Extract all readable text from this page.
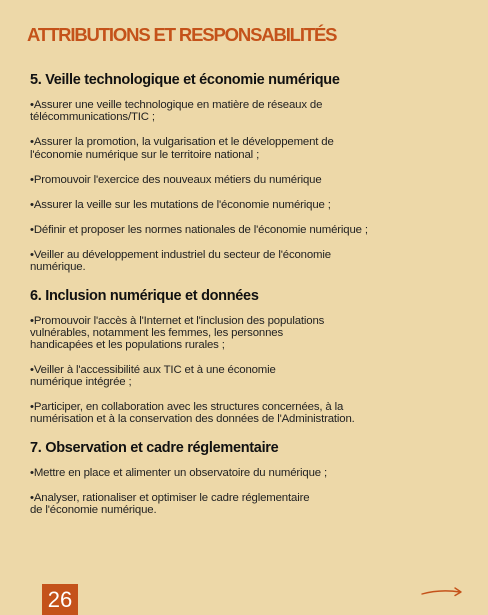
ATTRIBUTIONS ET RESPONSABILITÉS
5. Veille technologique et économie numérique

•Assurer une veille technologique en matière de réseaux de
télécommunications/TIC ;

•Assurer la promotion, la vulgarisation et le développement de
l'économie numérique sur le territoire national ;

•Promouvoir l'exercice des nouveaux métiers du numérique

•Assurer la veille sur les mutations de l'économie numérique ;

•Définir et proposer les normes nationales de l'économie numérique ;

•Veiller au développement industriel du secteur de l'économie
numérique.

6. Inclusion numérique et données

•Promouvoir l'accès à l'Internet et l'inclusion des populations
vulnérables, notamment les femmes, les personnes
handicapées et les populations rurales ;

•Veiller à l'accessibilité aux TIC et à une économie
numérique intégrée ;

•Participer, en collaboration avec les structures concernées, à la
numérisation et à la conservation des données de l'Administration.

7. Observation et cadre réglementaire

•Mettre en place et alimenter un observatoire du numérique ;

•Analyser, rationaliser et optimiser le cadre réglementaire
de l'économie numérique.

26
